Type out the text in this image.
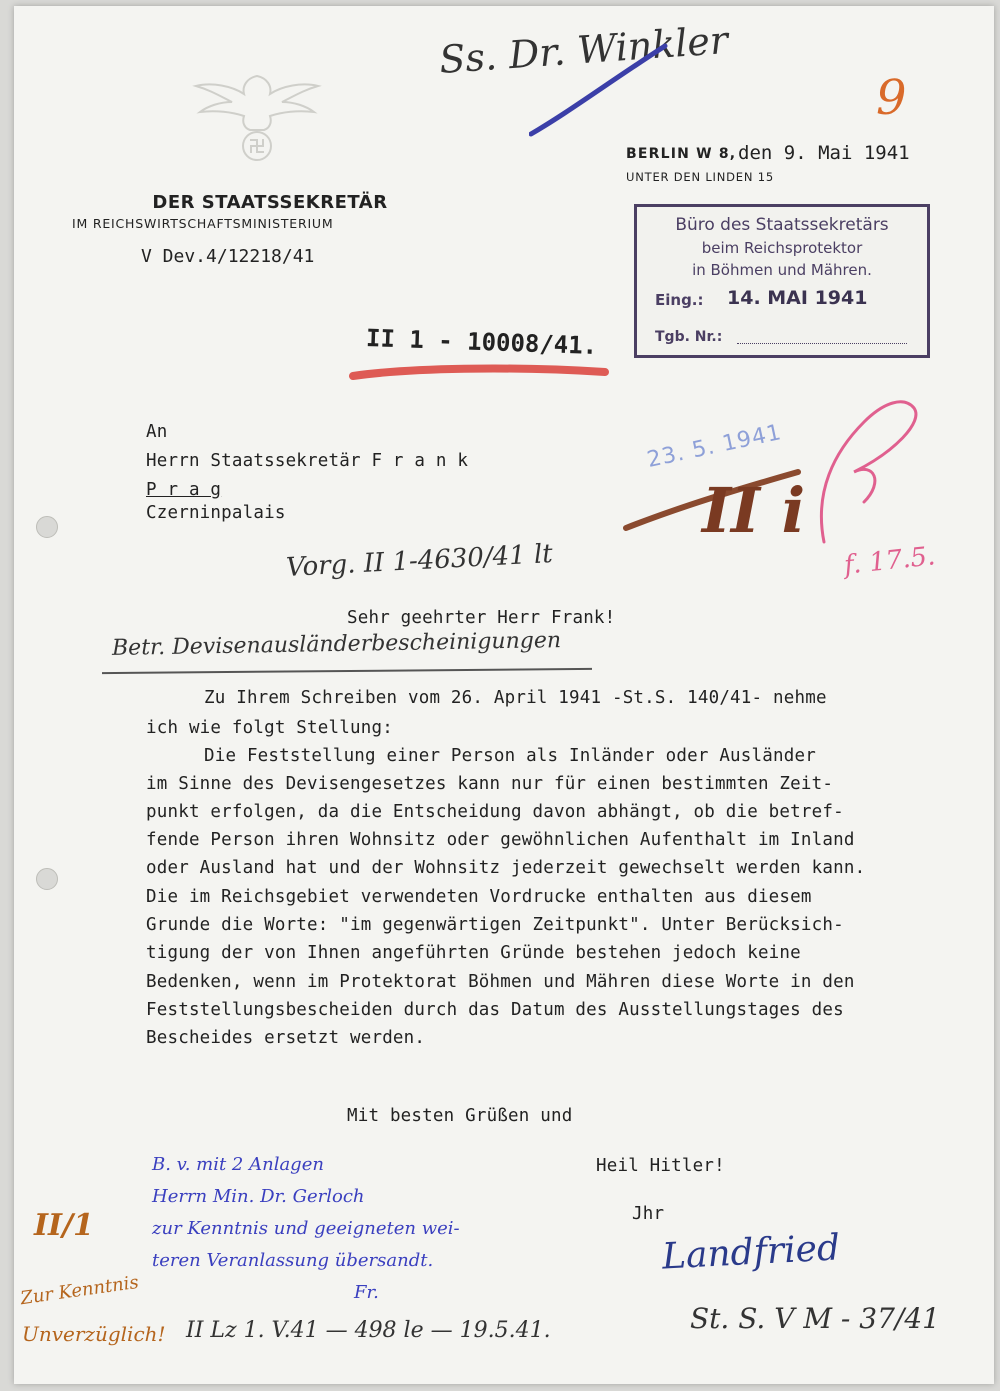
Ss. Dr. Winkler
9
DER STAATSSEKRETÄR
IM REICHSWIRTSCHAFTSMINISTERIUM
V Dev.4/12218/41
BERLIN W 8, den 9. Mai 1941
UNTER DEN LINDEN 15
Büro des Staatssekretärs
beim Reichsprotektor
in Böhmen und Mähren.
Eing.: 14. MAI 1941
Tgb. Nr.:
II 1 - 10008/41.
23. 5. 1941
An
Herrn Staatssekretär F r a n k
P r a g
Czerninpalais	II i
f. 17.5.
Vorg. II 1-4630/41 lt
Sehr geehrter Herr Frank!
Betr. Devisenausländerbescheinigungen
Zu Ihrem Schreiben vom 26. April 1941 -St.S. 140/41- nehme
ich wie folgt Stellung:
Die Feststellung einer Person als Inländer oder Ausländer
im Sinne des Devisengesetzes kann nur für einen bestimmten Zeit-
punkt erfolgen, da die Entscheidung davon abhängt, ob die betref-
fende Person ihren Wohnsitz oder gewöhnlichen Aufenthalt im Inland
oder Ausland hat und der Wohnsitz jederzeit gewechselt werden kann.
Die im Reichsgebiet verwendeten Vordrucke enthalten aus diesem
Grunde die Worte: "im gegenwärtigen Zeitpunkt". Unter Berücksich-
tigung der von Ihnen angeführten Gründe bestehen jedoch keine
Bedenken, wenn im Protektorat Böhmen und Mähren diese Worte in den
Feststellungsbescheiden durch das Datum des Ausstellungstages des
Bescheides ersetzt werden.
Mit besten Grüßen und
Heil Hitler!
Jhr
Landfried
St. S. V M - 37/41
B. v. mit 2 Anlagen
Herrn Min. Dr. Gerloch
zur Kenntnis und geeigneten wei-
teren Veranlassung übersandt.
Fr.
II/1
Zur Kenntnis
Unverzüglich! II Lz 1. V.41 — 498 le — 19.5.41.
